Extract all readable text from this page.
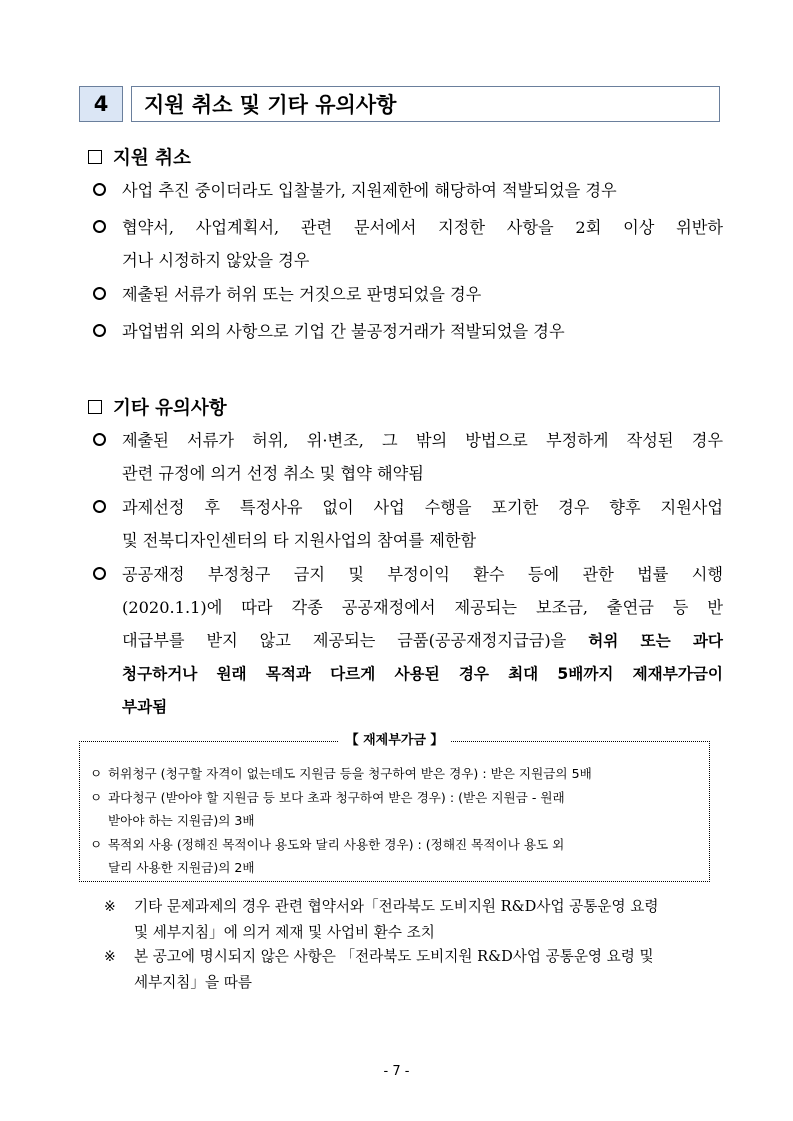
4	지원 취소 및 기타 유의사항
지원 취소
사업 추진 중이더라도 입찰불가, 지원제한에 해당하여 적발되었을 경우
협약서, 사업계획서, 관련 문서에서 지정한 사항을 2회 이상 위반하
거나 시정하지 않았을 경우
제출된 서류가 허위 또는 거짓으로 판명되었을 경우
과업범위 외의 사항으로 기업 간 불공정거래가 적발되었을 경우
기타 유의사항
제출된 서류가 허위, 위·변조, 그 밖의 방법으로 부정하게 작성된 경우
관련 규정에 의거 선정 취소 및 협약 해약됨
과제선정 후 특정사유 없이 사업 수행을 포기한 경우 향후 지원사업
및 전북디자인센터의 타 지원사업의 참여를 제한함
공공재정 부정청구 금지 및 부정이익 환수 등에 관한 법률 시행
(2020.1.1)에 따라 각종 공공재정에서 제공되는 보조금, 출연금 등 반
대급부를 받지 않고 제공되는 금품(공공재정지급금)을 허위 또는 과다
청구하거나 원래 목적과 다르게 사용된 경우 최대 5배까지 제재부가금이
부과됨
【 재제부가금 】
ㅇ 허위청구 (청구할 자격이 없는데도 지원금 등을 청구하여 받은 경우) : 받은 지원금의 5배
ㅇ 과다청구 (받아야 할 지원금 등 보다 초과 청구하여 받은 경우) : (받은 지원금 - 원래
받아야 하는 지원금)의 3배
ㅇ 목적외 사용 (정해진 목적이나 용도와 달리 사용한 경우) : (정해진 목적이나 용도 외
달리 사용한 지원금)의 2배
※ 기타 문제과제의 경우 관련 협약서와「전라북도 도비지원 R&D사업 공통운영 요령
및 세부지침」에 의거 제재 및 사업비 환수 조치
※ 본 공고에 명시되지 않은 사항은 「전라북도 도비지원 R&D사업 공통운영 요령 및
세부지침」을 따름
- 7 -
